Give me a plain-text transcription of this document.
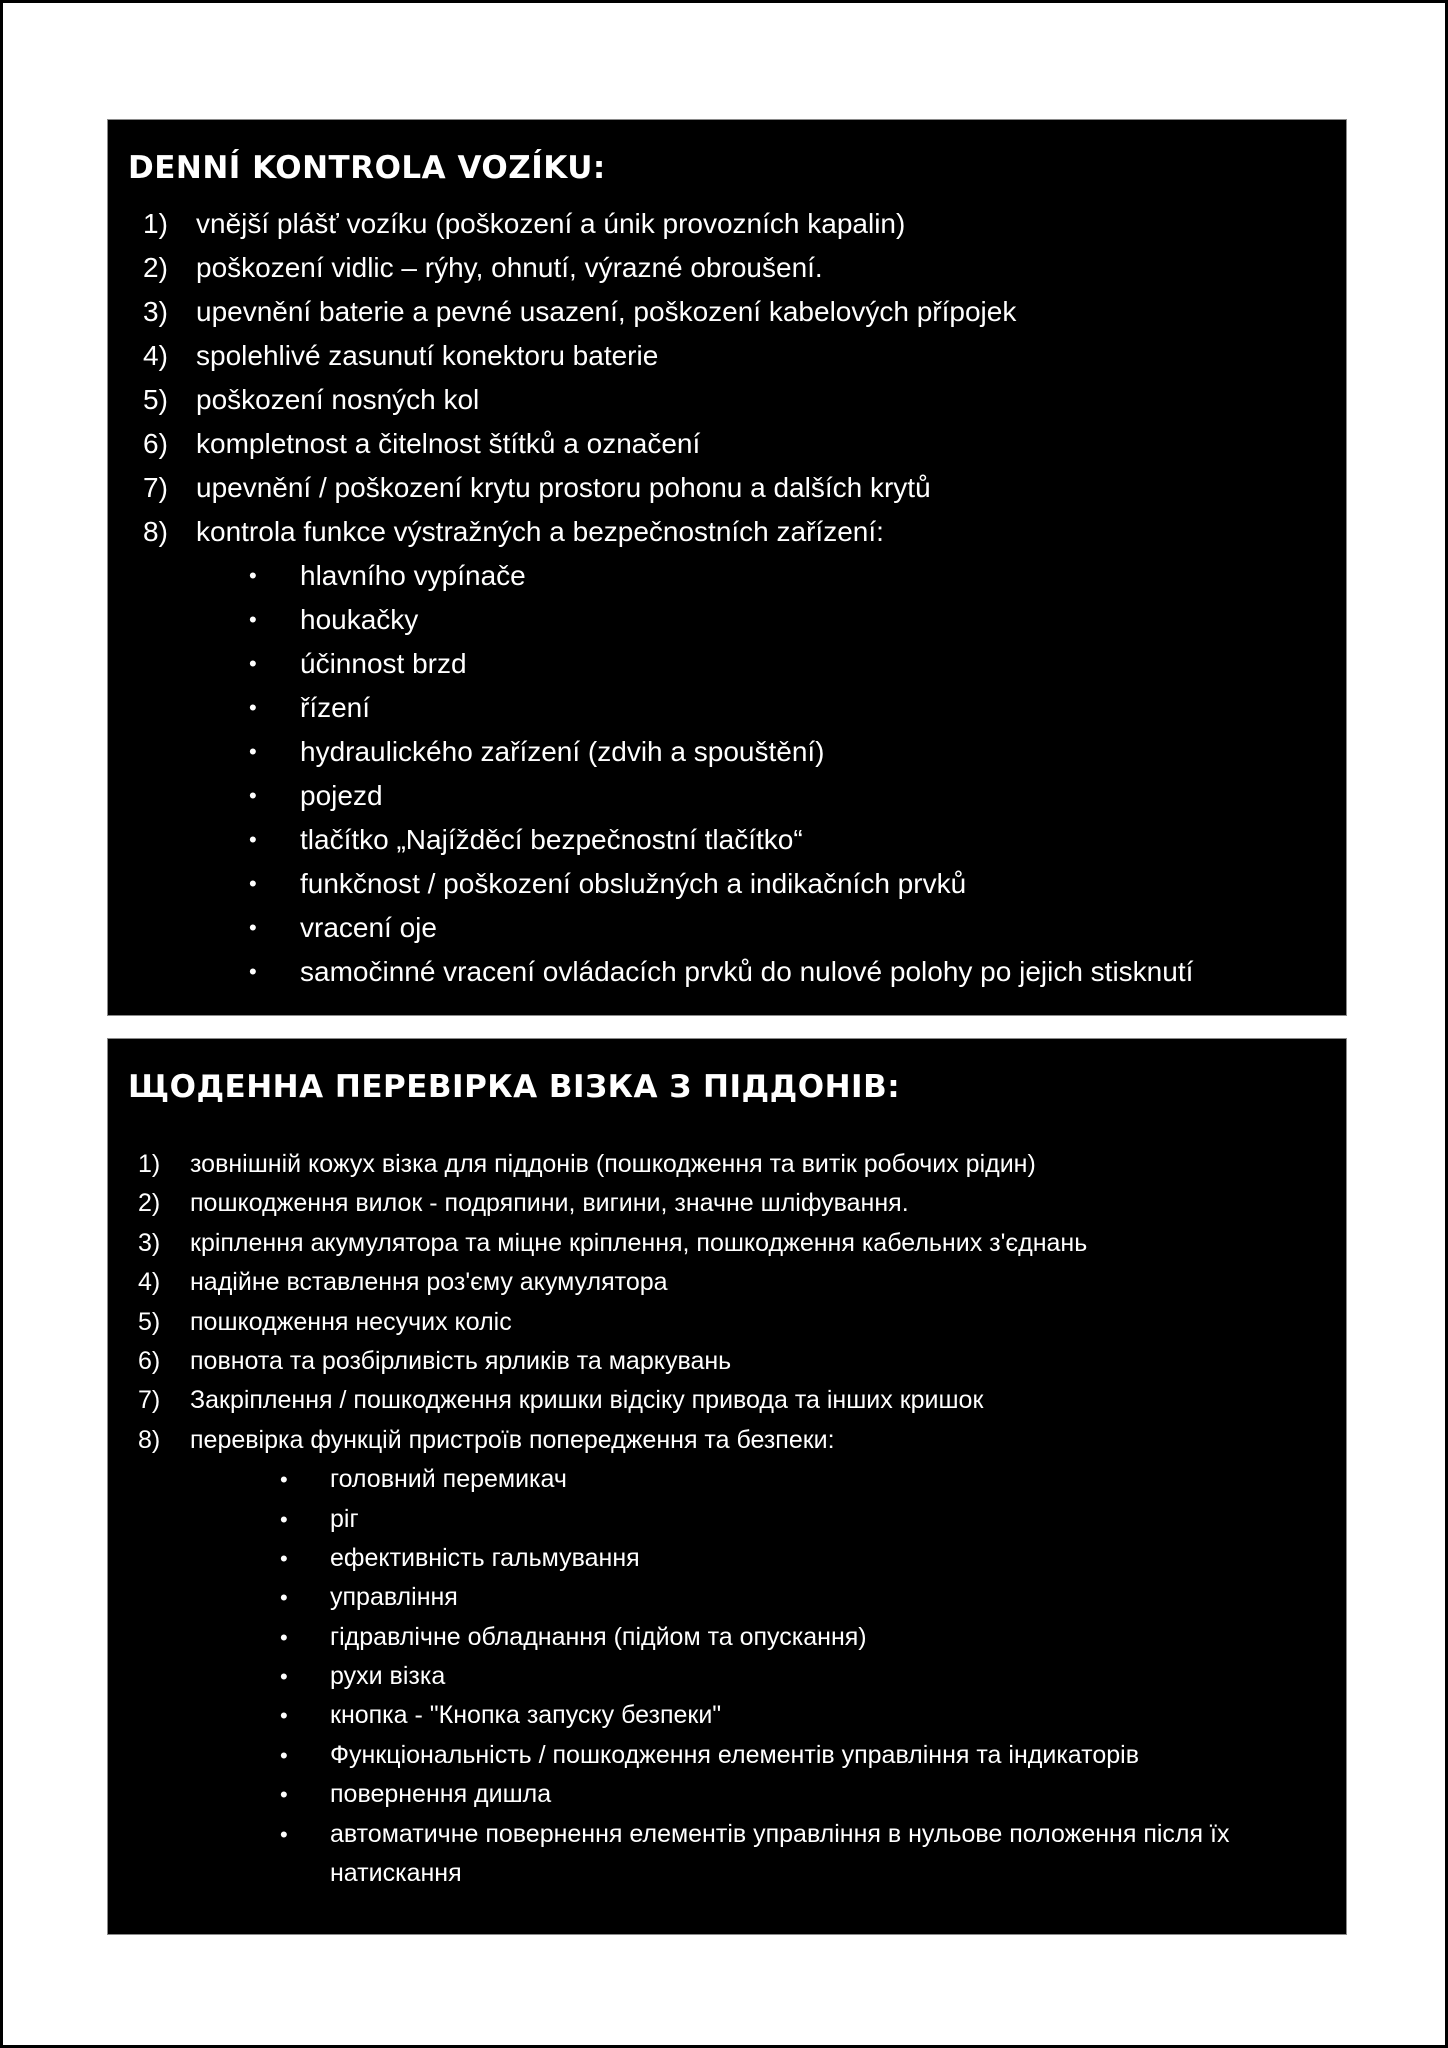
DENNÍ KONTROLA VOZÍKU:
1) vnější plášť vozíku (poškození a únik provozních kapalin)
2) poškození vidlic – rýhy, ohnutí, výrazné obroušení.
3) upevnění baterie a pevné usazení, poškození kabelových přípojek
4) spolehlivé zasunutí konektoru baterie
5) poškození nosných kol
6) kompletnost a čitelnost štítků a označení
7) upevnění / poškození krytu prostoru pohonu a dalších krytů
8) kontrola funkce výstražných a bezpečnostních zařízení:
• hlavního vypínače
• houkačky
• účinnost brzd
• řízení
• hydraulického zařízení (zdvih a spouštění)
• pojezd
• tlačítko „Najížděcí bezpečnostní tlačítko“
• funkčnost / poškození obslužných a indikačních prvků
• vracení oje
• samočinné vracení ovládacích prvků do nulové polohy po jejich stisknutí
ЩОДЕННА ПЕРЕВІРКА ВІЗКА З ПІДДОНІВ:
1) зовнішній кожух візка для піддонів (пошкодження та витік робочих рідин)
2) пошкодження вилок - подряпини, вигини, значне шліфування.
3) кріплення акумулятора та міцне кріплення, пошкодження кабельних з'єднань
4) надійне вставлення роз'єму акумулятора
5) пошкодження несучих коліс
6) повнота та розбірливість ярликів та маркувань
7) Закріплення / пошкодження кришки відсіку привода та інших кришок
8) перевірка функцій пристроїв попередження та безпеки:
• головний перемикач
• ріг
• ефективність гальмування
• управління
• гідравлічне обладнання (підйом та опускання)
• рухи візка
• кнопка - "Кнопка запуску безпеки"
• Функціональність / пошкодження елементів управління та індикаторів
• повернення дишла
• автоматичне повернення елементів управління в нульове положення після їх натискання
